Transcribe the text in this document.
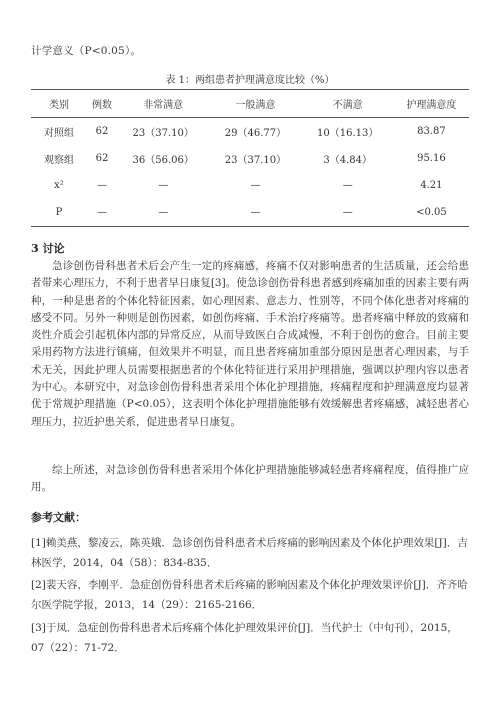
计学意义（P<0.05）。
表 1：两组患者护理满意度比较（%）
类别	例数	非常满意	一般满意	不满意	护理满意度
对照组	62	23（37.10）	29（46.77）	10（16.13）	83.87
观察组	62	36（56.06）	23（37.10）	3（4.84）	95.16
x²	—	—	—	—	4.21
P	—	—	—	—	<0.05
3 讨论

急诊创伤骨科患者术后会产生一定的疼痛感，疼痛不仅对影响患者的生活质量，还会给患者带来心理压力，不利于患者早日康复[3]。使急诊创伤骨科患者感到疼痛加重的因素主要有两种，一种是患者的个体化特征因素，如心理因素、意志力、性别等，不同个体化患者对疼痛的感受不同。另外一种则是创伤因素，如创伤疼痛、手术治疗疼痛等。患者疼痛中释放的致痛和炎性介质会引起机体内部的异常反应，从而导致医白合成减慢，不利于创伤的愈合。目前主要采用药物方法进行镇痛，但效果并不明显，而且患者疼痛加重部分原因是患者心理因素，与手术无关，因此护理人员需要根据患者的个体化特征进行采用护理措施，强调以护理内容以患者为中心。本研究中，对急诊创伤骨科患者采用个体化护理措施，疼痛程度和护理满意度均显著优于常规护理措施（P<0.05），这表明个体化护理措施能够有效缓解患者疼痛感，减轻患者心理压力，拉近护患关系，促进患者早日康复。

综上所述，对急诊创伤骨科患者采用个体化护理措施能够减轻患者疼痛程度，值得推广应用。

参考文献：

[1]赖美燕，黎凌云，陈英娥．急诊创伤骨科患者术后疼痛的影响因素及个体化护理效果[J]．吉林医学，2014，04（58）：834-835．

[2]裴天容，李刚平．急症创伤骨科患者术后疼痛的影响因素及个体化护理效果评价[J]．齐齐哈尔医学院学报，2013，14（29）：2165-2166．

[3]于凤．急症创伤骨科患者术后疼痛个体化护理效果评价[J]．当代护士（中旬刊），2015，07（22）：71-72．
